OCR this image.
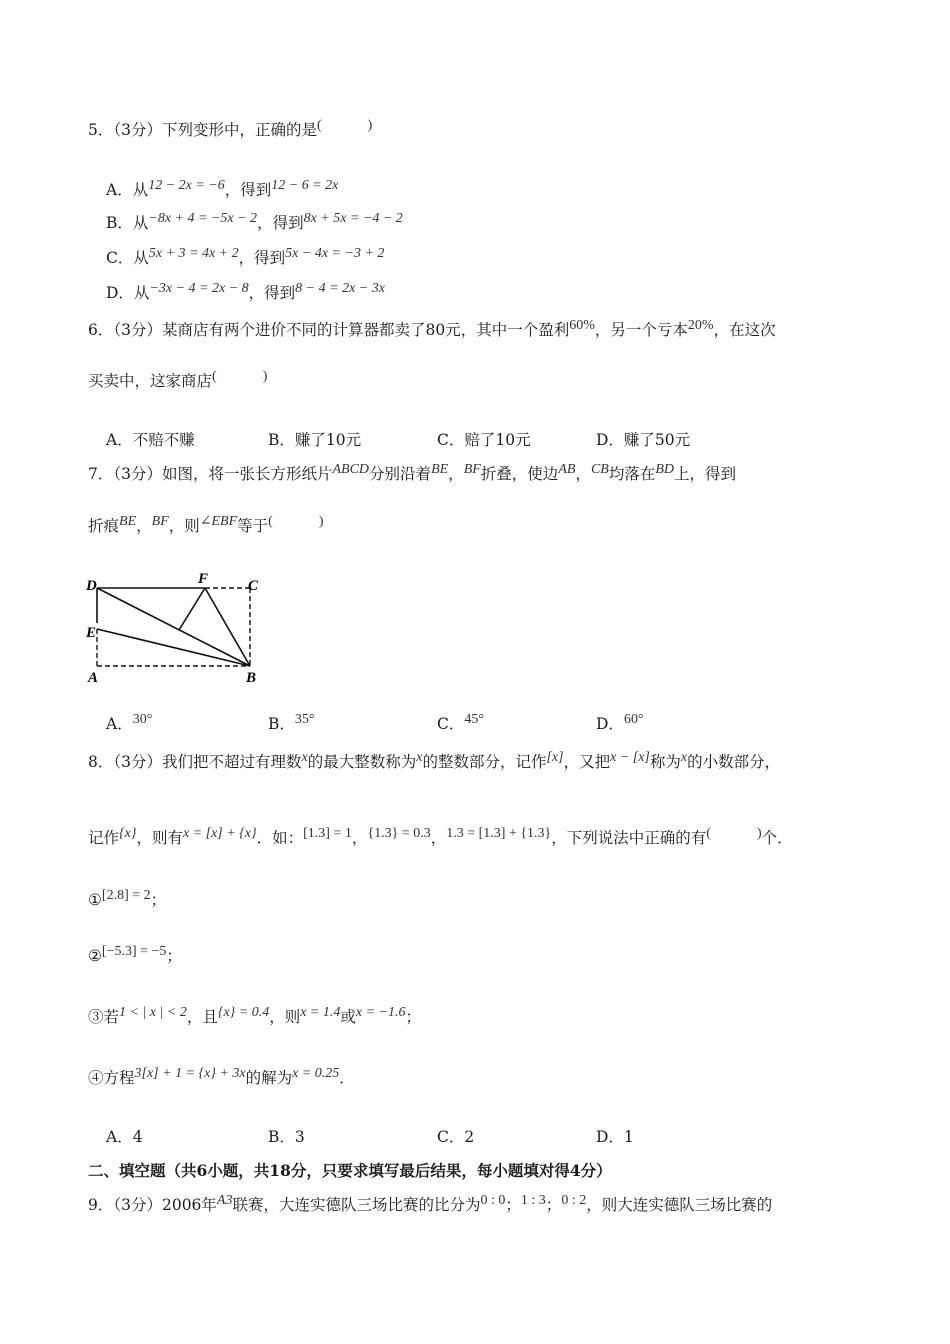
5．（3分）下列变形中，正确的是(	)
A．从12 − 2x = −6，得到12 − 6 = 2x
B．从−8x + 4 = −5x − 2，得到8x + 5x = −4 − 2
C．从5x + 3 = 4x + 2，得到5x − 4x = −3 + 2
D．从−3x − 4 = 2x − 8，得到8 − 4 = 2x − 3x
6．（3分）某商店有两个进价不同的计算器都卖了80元，其中一个盈利60%，另一个亏本20%，在这次
买卖中，这家商店(	)
A．不赔不赚	B．赚了10元	C．赔了10元	D．赚了50元
7．（3分）如图，将一张长方形纸片ABCD分别沿着BE，BF折叠，使边AB，CB均落在BD上，得到
折痕BE，BF，则∠EBF等于(	)
D	F	C
E
A	B
A．30°	B．35°	C．45°	D．60°
8．（3分）我们把不超过有理数x的最大整数称为x的整数部分，记作[x]，又把x − [x]称为x的小数部分，
记作{x}，则有x = [x] + {x}．如：[1.3] = 1，{1.3} = 0.3，1.3 = [1.3] + {1.3}，下列说法中正确的有(	)个．
①[2.8] = 2；
②[−5.3] = −5；
③若1 < | x | < 2，且{x} = 0.4，则x = 1.4或x = −1.6；
④方程3[x] + 1 = {x} + 3x的解为x = 0.25．
A．4	B．3	C．2	D．1
二、填空题（共6小题，共18分，只要求填写最后结果，每小题填对得4分）
9．（3分）2006年A3联赛，大连实德队三场比赛的比分为0 : 0；1 : 3；0 : 2，则大连实德队三场比赛的
